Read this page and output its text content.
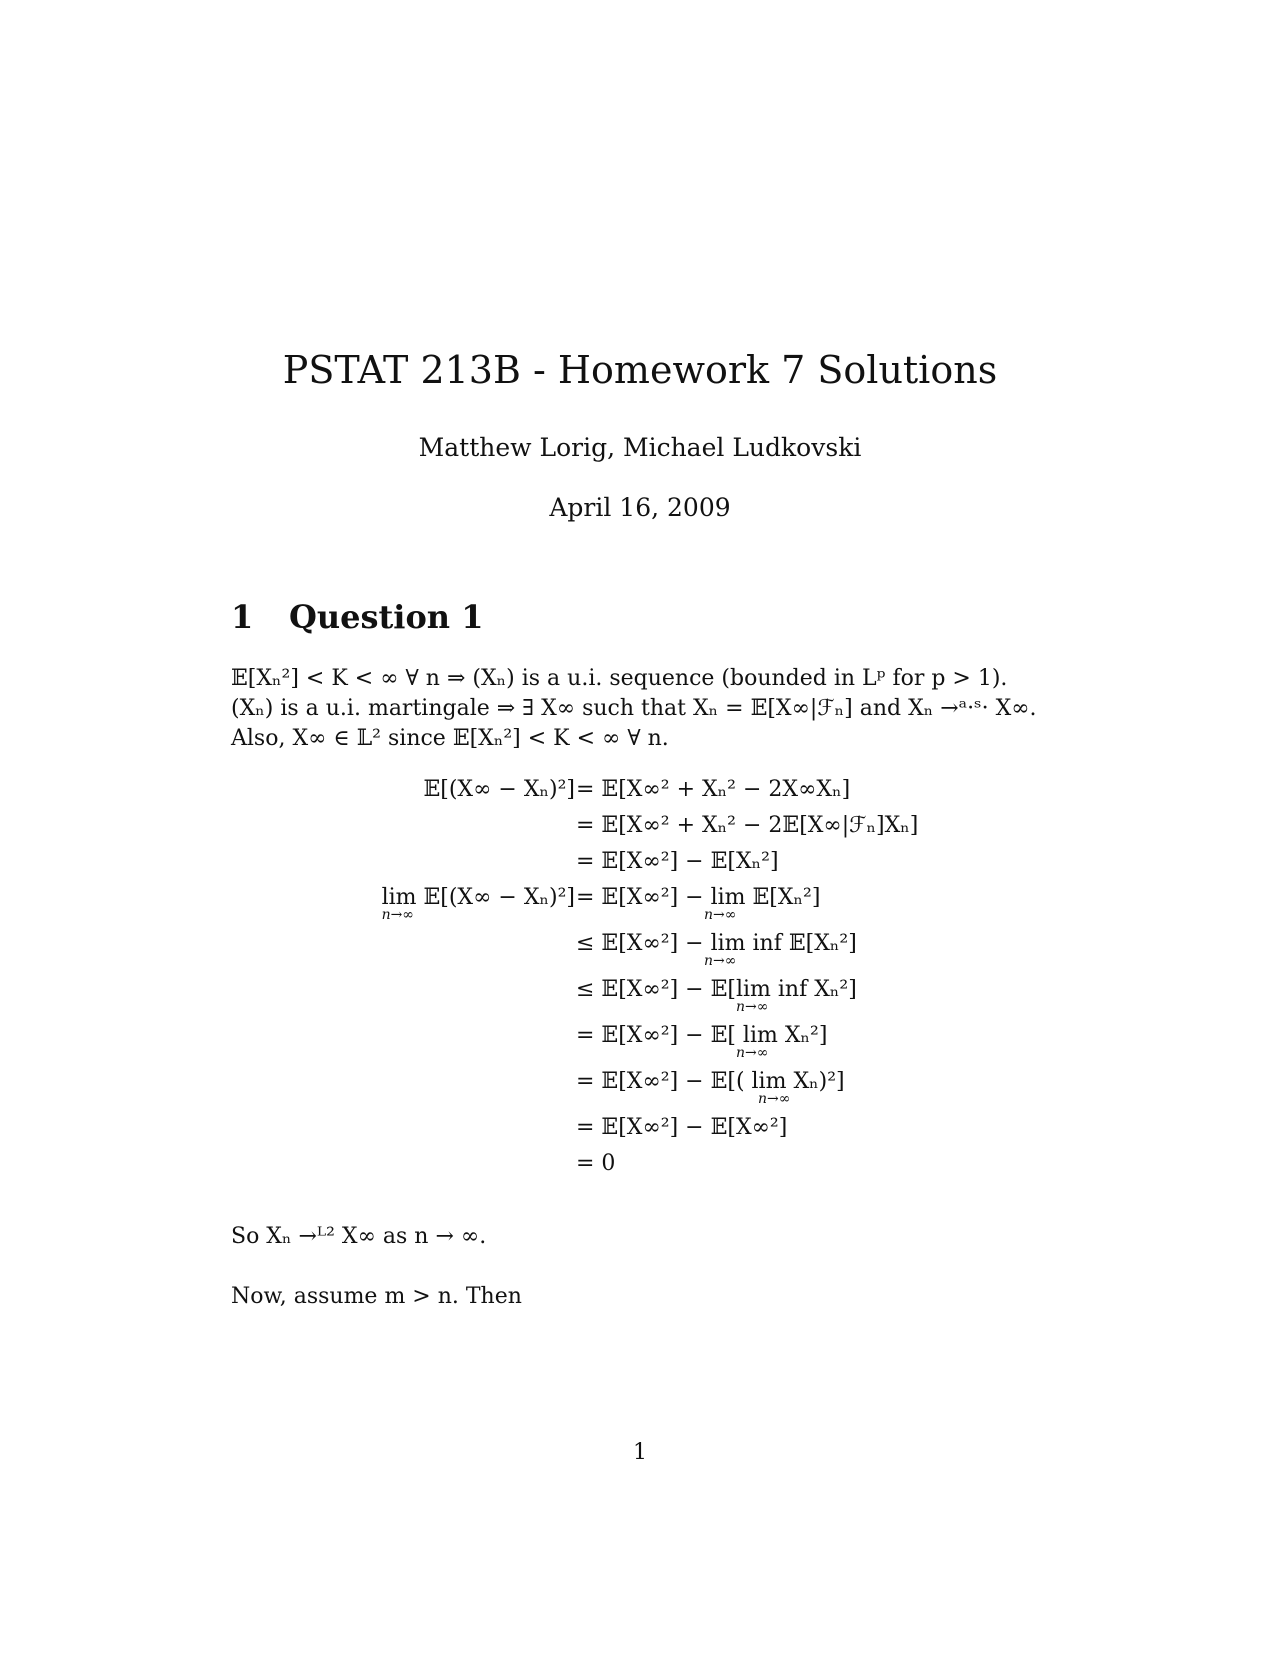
PSTAT 213B - Homework 7 Solutions
Matthew Lorig, Michael Ludkovski
April 16, 2009
1 Question 1
𝔼[Xₙ²] < K < ∞ ∀ n ⇒ (Xₙ) is a u.i. sequence (bounded in Lᵖ for p > 1).
(Xₙ) is a u.i. martingale ⇒ ∃ X∞ such that Xₙ = 𝔼[X∞|ℱₙ] and Xₙ →ᵃ·ˢ· X∞.
Also, X∞ ∈ 𝕃² since 𝔼[Xₙ²] < K < ∞ ∀ n.
𝔼[(X∞ − Xₙ)²] = 𝔼[X∞² + Xₙ² − 2X∞Xₙ]
= 𝔼[X∞² + Xₙ² − 2𝔼[X∞|ℱₙ]Xₙ]
= 𝔼[X∞²] − 𝔼[Xₙ²]
lim 𝔼[(X∞ − Xₙ)²]
n→∞
= 𝔼[X∞²] − lim 𝔼[Xₙ²]
n→∞
≤ 𝔼[X∞²] − lim inf 𝔼[Xₙ²]
n→∞
≤ 𝔼[X∞²] − 𝔼[lim inf Xₙ²]
n→∞
= 𝔼[X∞²] − 𝔼[ lim Xₙ²]
n→∞
= 𝔼[X∞²] − 𝔼[( lim Xₙ)²]
n→∞
= 𝔼[X∞²] − 𝔼[X∞²]
= 0
So Xₙ →ᴸ² X∞ as n → ∞.
Now, assume m > n. Then
1
